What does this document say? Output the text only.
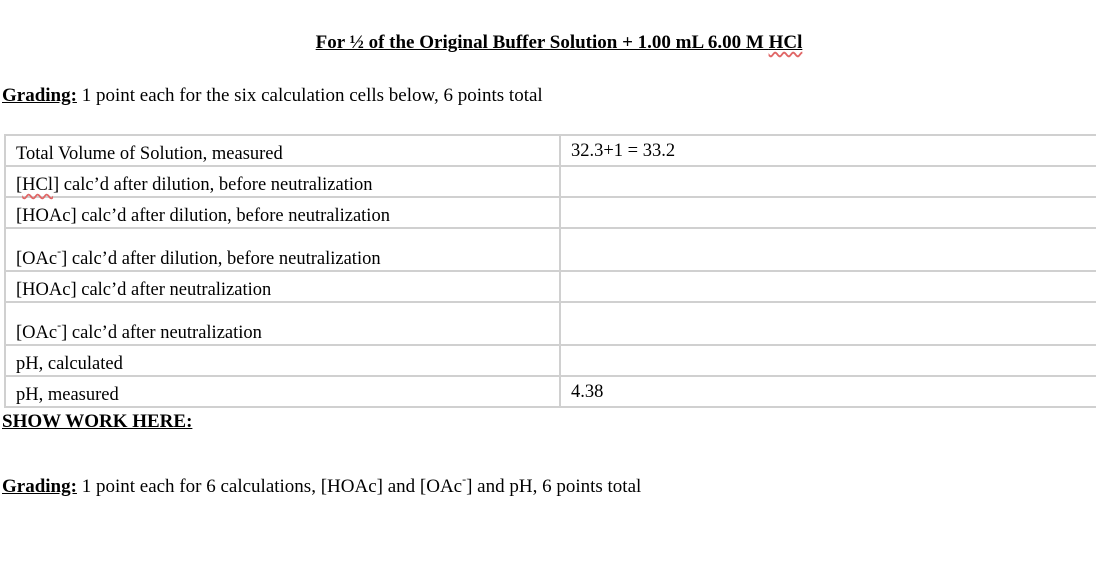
For ½ of the Original Buffer Solution + 1.00 mL 6.00 M HCl
Grading: 1 point each for the six calculation cells below, 6 points total
Total Volume of Solution, measured	32.3+1 = 33.2
[HCl] calc’d after dilution, before neutralization	
[HOAc] calc’d after dilution, before neutralization	
[OAc-] calc’d after dilution, before neutralization	
[HOAc] calc’d after neutralization	
[OAc-] calc’d after neutralization	
pH, calculated	
pH, measured	4.38
SHOW WORK HERE:
Grading: 1 point each for 6 calculations, [HOAc] and [OAc-] and pH, 6 points total
